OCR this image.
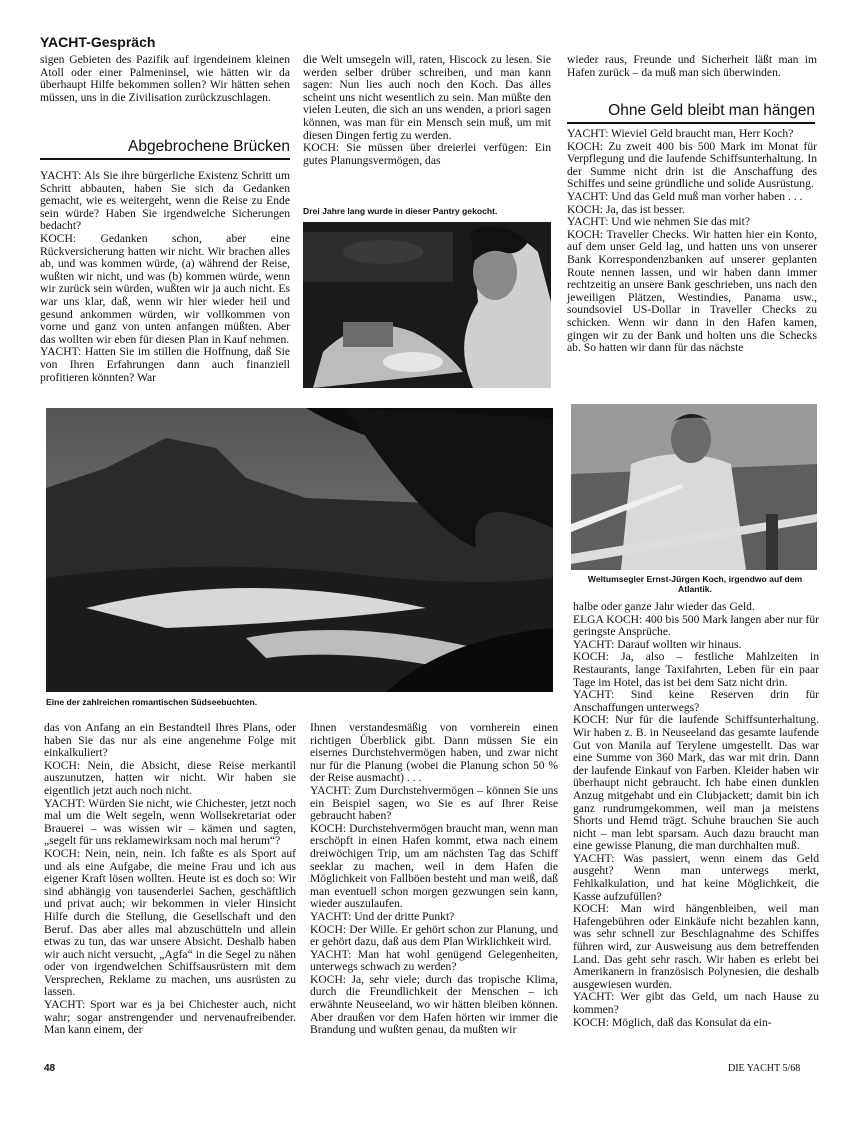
YACHT-Gespräch

sigen Gebieten des Pazifik auf irgendeinem kleinen Atoll oder einer Palmeninsel, wie hätten wir da überhaupt Hilfe bekommen sollen? Wir hätten sehen müssen, uns in die Zivilisation zurückzuschlagen.

Abgebrochene Brücken

YACHT: Als Sie ihre bürgerliche Existenz Schritt um Schritt abbauten, haben Sie sich da Gedanken gemacht, wie es weitergeht, wenn die Reise zu Ende sein würde? Haben Sie irgendwelche Sicherungen bedacht?

KOCH: Gedanken schon, aber eine Rückversicherung hatten wir nicht. Wir brachen alles ab, und was kommen würde, (a) während der Reise, wußten wir nicht, und was (b) kommen würde, wenn wir zurück sein würden, wußten wir ja auch nicht. Es war uns klar, daß, wenn wir hier wieder heil und gesund ankommen würden, wir vollkommen von vorne und ganz von unten anfangen müßten. Aber das wollten wir eben für diesen Plan in Kauf nehmen.

YACHT: Hatten Sie im stillen die Hoffnung, daß Sie von Ihren Erfahrungen dann auch finanziell profitieren könnten? War

die Welt umsegeln will, raten, Hiscock zu lesen. Sie werden selber drüber schreiben, und man kann sagen: Nun lies auch noch den Koch. Das alles scheint uns nicht wesentlich zu sein. Man müßte den vielen Leuten, die sich an uns wenden, a priori sagen können, was man für ein Mensch sein muß, um mit diesen Dingen fertig zu werden.

KOCH: Sie müssen über dreierlei verfügen: Ein gutes Planungsvermögen, das

Drei Jahre lang wurde in dieser Pantry gekocht.

wieder raus, Freunde und Sicherheit läßt man im Hafen zurück – da muß man sich überwinden.

Ohne Geld bleibt man hängen

YACHT: Wieviel Geld braucht man, Herr Koch?

KOCH: Zu zweit 400 bis 500 Mark im Monat für Verpflegung und die laufende Schiffsunterhaltung. In der Summe nicht drin ist die Anschaffung des Schiffes und seine gründliche und solide Ausrüstung.

YACHT: Und das Geld muß man vorher haben . . .

KOCH: Ja, das ist besser.

YACHT: Und wie nehmen Sie das mit?

KOCH: Traveller Checks. Wir hatten hier ein Konto, auf dem unser Geld lag, und hatten uns von unserer Bank Korrespondenzbanken auf unserer geplanten Route nennen lassen, und wir haben dann immer rechtzeitig an unsere Bank geschrieben, uns nach den jeweiligen Plätzen, Westindies, Panama usw., soundsoviel US-Dollar in Traveller Checks zu schicken. Wenn wir dann in den Hafen kamen, gingen wir zu der Bank und holten uns die Schecks ab. So hatten wir dann für das nächste

Eine der zahlreichen romantischen Südseebuchten.
Weltumsegler Ernst-Jürgen Koch, irgendwo auf dem Atlantik.

das von Anfang an ein Bestandteil Ihres Plans, oder haben Sie das nur als eine angenehme Folge mit einkalkuliert?

KOCH: Nein, die Absicht, diese Reise merkantil auszunutzen, hatten wir nicht. Wir haben sie eigentlich jetzt auch noch nicht.

YACHT: Würden Sie nicht, wie Chichester, jetzt noch mal um die Welt segeln, wenn Wollsekretariat oder Brauerei – was wissen wir – kämen und sagten, „segelt für uns reklamewirksam noch mal herum“?

KOCH: Nein, nein, nein. Ich faßte es als Sport auf und als eine Aufgabe, die meine Frau und ich aus eigener Kraft lösen wollten. Heute ist es doch so: Wir sind abhängig von tausenderlei Sachen, geschäftlich und privat auch; wir bekommen in vieler Hinsicht Hilfe durch die Stellung, die Gesellschaft und den Beruf. Das aber alles mal abzuschütteln und allein etwas zu tun, das war unsere Absicht. Deshalb haben wir auch nicht versucht, „Agfa“ in die Segel zu nähen oder von irgendwelchen Schiffsausrüstern mit dem Versprechen, Reklame zu machen, uns ausrüsten zu lassen.

YACHT: Sport war es ja bei Chichester auch, nicht wahr; sogar anstrengender und nervenaufreibender. Man kann einem, der

Ihnen verstandesmäßig von vornherein einen richtigen Überblick gibt. Dann müssen Sie ein eisernes Durchstehvermögen haben, und zwar nicht nur für die Planung (wobei die Planung schon 50 % der Reise ausmacht) . . .

YACHT: Zum Durchstehvermögen – können Sie uns ein Beispiel sagen, wo Sie es auf Ihrer Reise gebraucht haben?

KOCH: Durchstehvermögen braucht man, wenn man erschöpft in einen Hafen kommt, etwa nach einem dreiwöchigen Trip, um am nächsten Tag das Schiff seeklar zu machen, weil in dem Hafen die Möglichkeit von Fallböen besteht und man weiß, daß man eventuell schon morgen gezwungen sein kann, wieder auszulaufen.

YACHT: Und der dritte Punkt?

KOCH: Der Wille. Er gehört schon zur Planung, und er gehört dazu, daß aus dem Plan Wirklichkeit wird.

YACHT: Man hat wohl genügend Gelegenheiten, unterwegs schwach zu werden?

KOCH: Ja, sehr viele; durch das tropische Klima, durch die Freundlichkeit der Menschen – ich erwähnte Neuseeland, wo wir hätten bleiben können. Aber draußen vor dem Hafen hörten wir immer die Brandung und wußten genau, da mußten wir

halbe oder ganze Jahr wieder das Geld.

ELGA KOCH: 400 bis 500 Mark langen aber nur für geringste Ansprüche.

YACHT: Darauf wollten wir hinaus.

KOCH: Ja, also – festliche Mahlzeiten in Restaurants, lange Taxifahrten, Leben für ein paar Tage im Hotel, das ist bei dem Satz nicht drin.

YACHT: Sind keine Reserven drin für Anschaffungen unterwegs?

KOCH: Nur für die laufende Schiffsunterhaltung. Wir haben z. B. in Neuseeland das gesamte laufende Gut von Manila auf Terylene umgestellt. Das war eine Summe von 360 Mark, das war mit drin. Dann der laufende Einkauf von Farben. Kleider haben wir überhaupt nicht gebraucht. Ich habe einen dunklen Anzug mitgehabt und ein Clubjackett; damit bin ich ganz rundrumgekommen, weil man ja meistens Shorts und Hemd trägt. Schuhe brauchen Sie auch nicht – man lebt sparsam. Auch dazu braucht man eine gewisse Planung, die man durchhalten muß.

YACHT: Was passiert, wenn einem das Geld ausgeht? Wenn man unterwegs merkt, Fehlkalkulation, und hat keine Möglichkeit, die Kasse aufzufüllen?

KOCH: Man wird hängenbleiben, weil man Hafengebühren oder Einkäufe nicht bezahlen kann, was sehr schnell zur Beschlagnahme des Schiffes führen wird, zur Ausweisung aus dem betreffenden Land. Das geht sehr rasch. Wir haben es erlebt bei Amerikanern in französisch Polynesien, die deshalb ausgewiesen wurden.

YACHT: Wer gibt das Geld, um nach Hause zu kommen?

KOCH: Möglich, daß das Konsulat da ein-

48	DIE YACHT 5/68
